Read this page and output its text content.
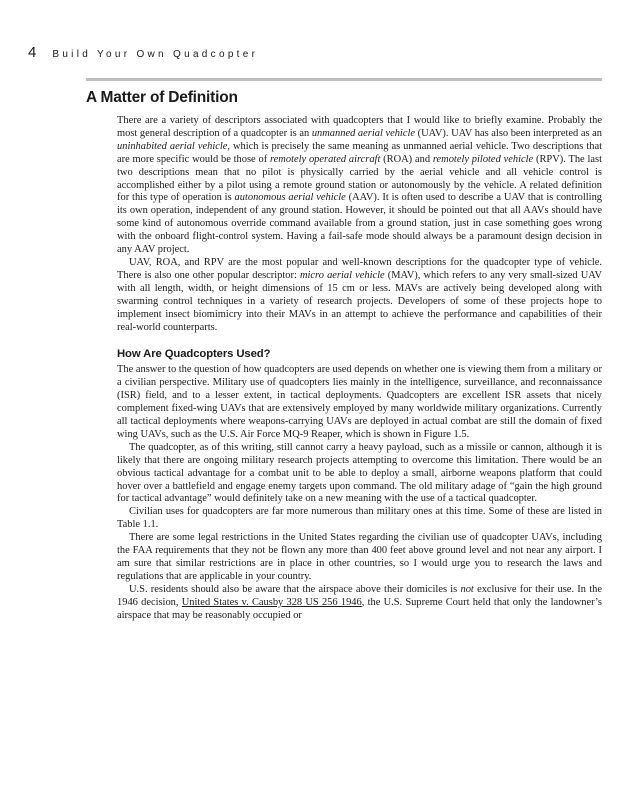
4 Build Your Own Quadcopter
A Matter of Definition

There are a variety of descriptors associated with quadcopters that I would like to briefly examine. Probably the most general description of a quadcopter is an unmanned aerial vehicle (UAV). UAV has also been interpreted as an uninhabited aerial vehicle, which is precisely the same meaning as unmanned aerial vehicle. Two descriptions that are more specific would be those of remotely operated aircraft (ROA) and remotely piloted vehicle (RPV). The last two descriptions mean that no pilot is physically carried by the aerial vehicle and all vehicle control is accomplished either by a pilot using a remote ground station or autonomously by the vehicle. A related definition for this type of operation is autonomous aerial vehicle (AAV). It is often used to describe a UAV that is controlling its own operation, independent of any ground station. However, it should be pointed out that all AAVs should have some kind of autonomous override command available from a ground station, just in case something goes wrong with the onboard flight-control system. Having a fail-safe mode should always be a paramount design decision in any AAV project.

UAV, ROA, and RPV are the most popular and well-known descriptions for the quadcopter type of vehicle. There is also one other popular descriptor: micro aerial vehicle (MAV), which refers to any very small-sized UAV with all length, width, or height dimensions of 15 cm or less. MAVs are actively being developed along with swarming control techniques in a variety of research projects. Developers of some of these projects hope to implement insect biomimicry into their MAVs in an attempt to achieve the performance and capabilities of their real-world counterparts.

How Are Quadcopters Used?

The answer to the question of how quadcopters are used depends on whether one is viewing them from a military or a civilian perspective. Military use of quadcopters lies mainly in the intelligence, surveillance, and reconnaissance (ISR) field, and to a lesser extent, in tactical deployments. Quadcopters are excellent ISR assets that nicely complement fixed-wing UAVs that are extensively employed by many worldwide military organizations. Currently all tactical deployments where weapons-carrying UAVs are deployed in actual combat are still the domain of fixed wing UAVs, such as the U.S. Air Force MQ-9 Reaper, which is shown in Figure 1.5.

The quadcopter, as of this writing, still cannot carry a heavy payload, such as a missile or cannon, although it is likely that there are ongoing military research projects attempting to overcome this limitation. There would be an obvious tactical advantage for a combat unit to be able to deploy a small, airborne weapons platform that could hover over a battlefield and engage enemy targets upon command. The old military adage of “gain the high ground for tactical advantage” would definitely take on a new meaning with the use of a tactical quadcopter.

Civilian uses for quadcopters are far more numerous than military ones at this time. Some of these are listed in Table 1.1.

There are some legal restrictions in the United States regarding the civilian use of quadcopter UAVs, including the FAA requirements that they not be flown any more than 400 feet above ground level and not near any airport. I am sure that similar restrictions are in place in other countries, so I would urge you to research the laws and regulations that are applicable in your country.

U.S. residents should also be aware that the airspace above their domiciles is not exclusive for their use. In the 1946 decision, United States v. Causby 328 US 256 1946, the U.S. Supreme Court held that only the landowner’s airspace that may be reasonably occupied or
